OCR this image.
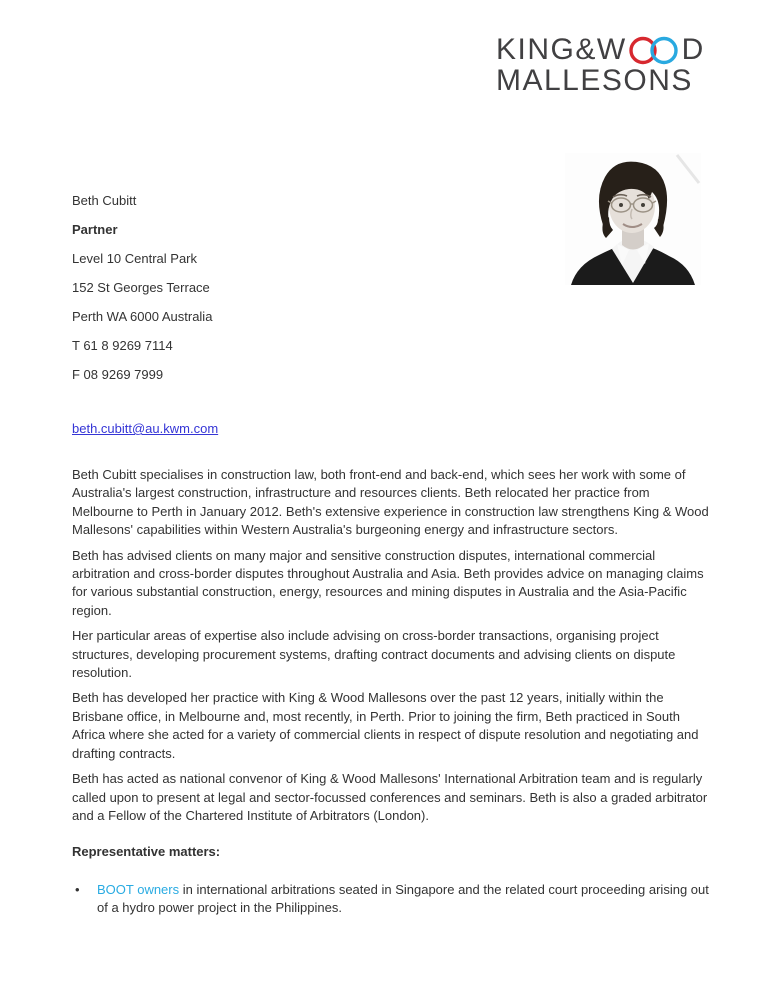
KING&W D
MALLESONS
Beth Cubitt
Partner
Level 10 Central Park
152 St Georges Terrace
Perth WA 6000 Australia
T 61 8 9269 7114
F 08 9269 7999
beth.cubitt@au.kwm.com

Beth Cubitt specialises in construction law, both front-end and back-end, which sees her work with some of Australia's largest construction, infrastructure and resources clients. Beth relocated her practice from Melbourne to Perth in January 2012. Beth's extensive experience in construction law strengthens King & Wood Mallesons' capabilities within Western Australia's burgeoning energy and infrastructure sectors.

Beth has advised clients on many major and sensitive construction disputes, international commercial arbitration and cross-border disputes throughout Australia and Asia. Beth provides advice on managing claims for various substantial construction, energy, resources and mining disputes in Australia and the Asia-Pacific region.

Her particular areas of expertise also include advising on cross-border transactions, organising project structures, developing procurement systems, drafting contract documents and advising clients on dispute resolution.

Beth has developed her practice with King & Wood Mallesons over the past 12 years, initially within the Brisbane office, in Melbourne and, most recently, in Perth. Prior to joining the firm, Beth practiced in South Africa where she acted for a variety of commercial clients in respect of dispute resolution and negotiating and drafting contracts.

Beth has acted as national convenor of King & Wood Mallesons' International Arbitration team and is regularly called upon to present at legal and sector-focussed conferences and seminars. Beth is also a graded arbitrator and a Fellow of the Chartered Institute of Arbitrators (London).

Representative matters:
•	BOOT owners in international arbitrations seated in Singapore and the related court proceeding arising out of a hydro power project in the Philippines.
